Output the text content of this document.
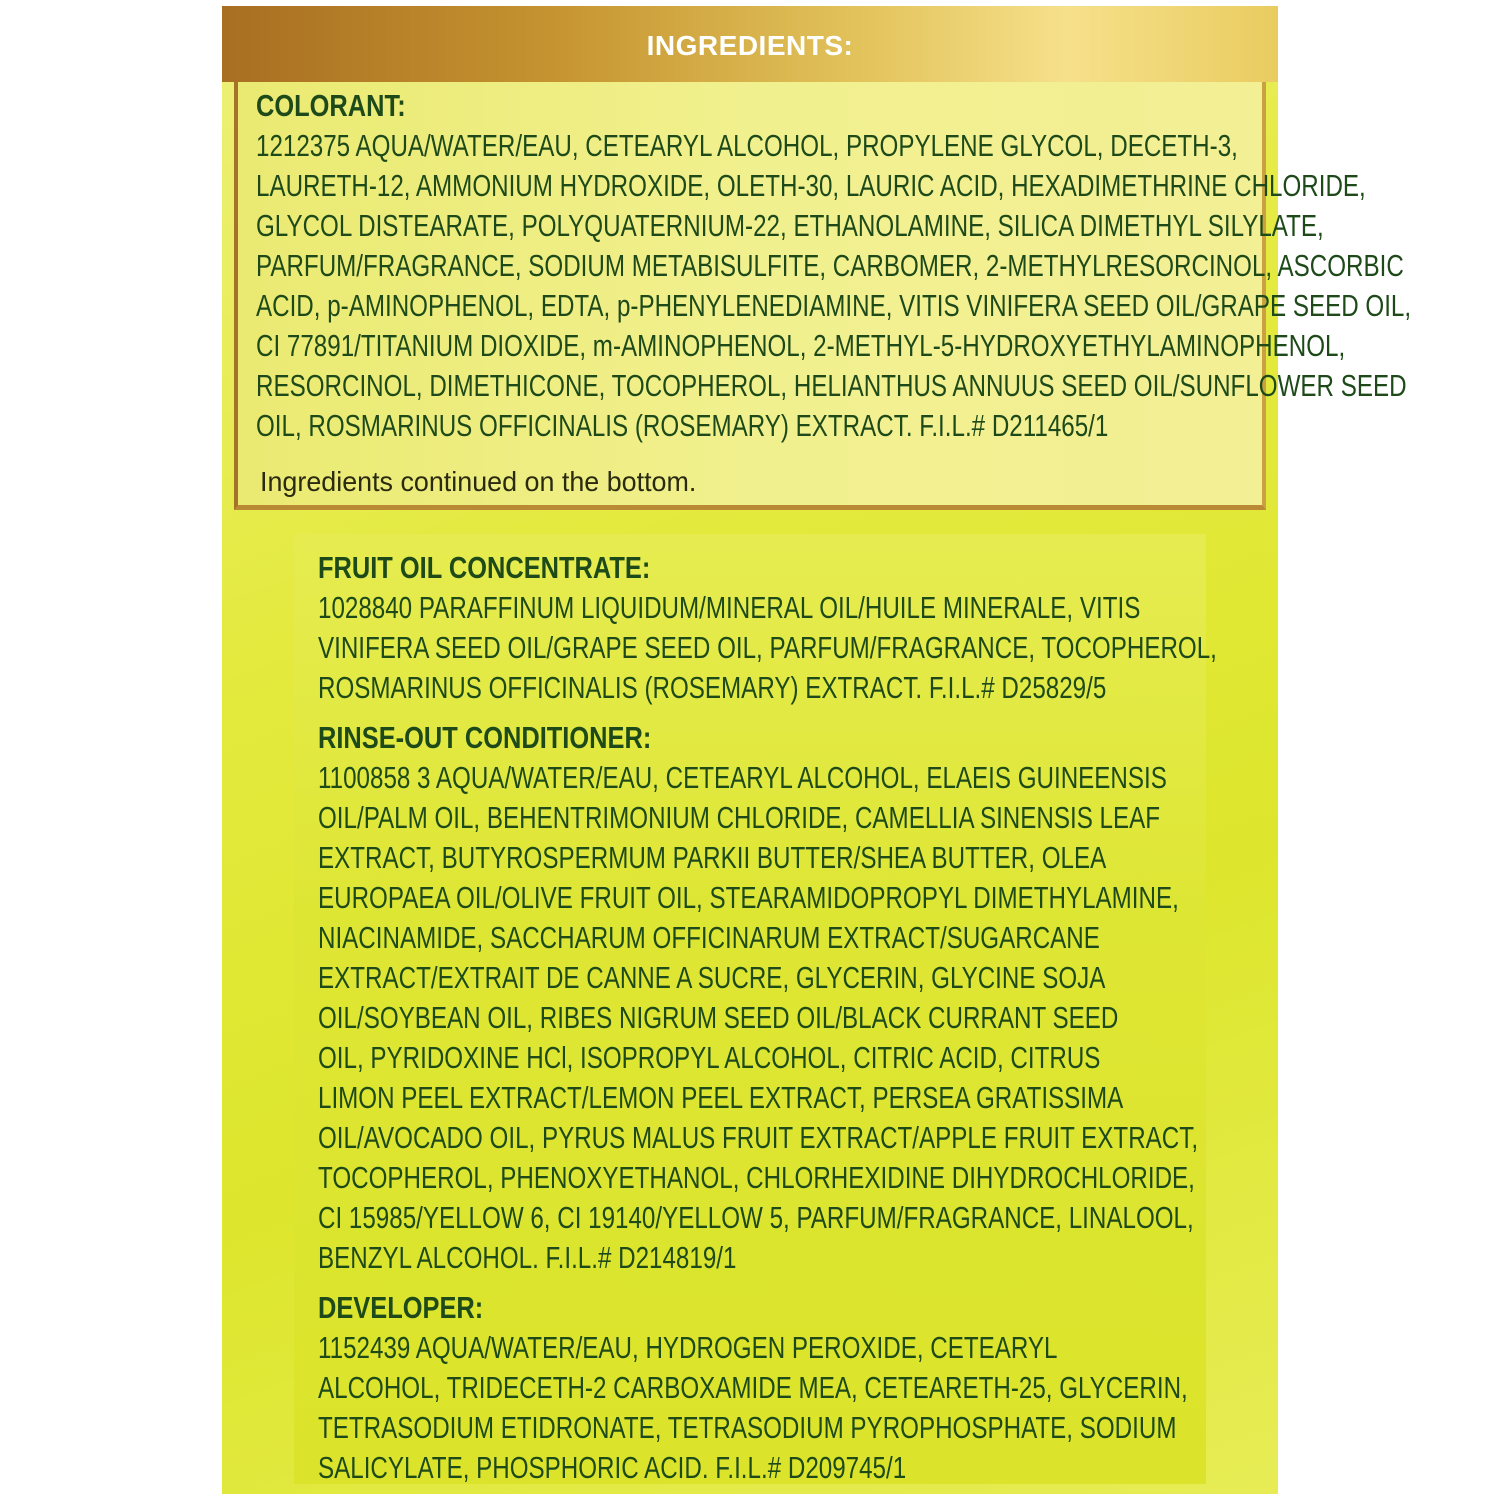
INGREDIENTS:
COLORANT:
1212375 AQUA/WATER/EAU, CETEARYL ALCOHOL, PROPYLENE GLYCOL, DECETH-3,
LAURETH-12, AMMONIUM HYDROXIDE, OLETH-30, LAURIC ACID, HEXADIMETHRINE CHLORIDE,
GLYCOL DISTEARATE, POLYQUATERNIUM-22, ETHANOLAMINE, SILICA DIMETHYL SILYLATE,
PARFUM/FRAGRANCE, SODIUM METABISULFITE, CARBOMER, 2-METHYLRESORCINOL, ASCORBIC
ACID, p-AMINOPHENOL, EDTA, p-PHENYLENEDIAMINE, VITIS VINIFERA SEED OIL/GRAPE SEED OIL,
CI 77891/TITANIUM DIOXIDE, m-AMINOPHENOL, 2-METHYL-5-HYDROXYETHYLAMINOPHENOL,
RESORCINOL, DIMETHICONE, TOCOPHEROL, HELIANTHUS ANNUUS SEED OIL/SUNFLOWER SEED
OIL, ROSMARINUS OFFICINALIS (ROSEMARY) EXTRACT. F.I.L.# D211465/1
Ingredients continued on the bottom.
FRUIT OIL CONCENTRATE:
1028840 PARAFFINUM LIQUIDUM/MINERAL OIL/HUILE MINERALE, VITIS
VINIFERA SEED OIL/GRAPE SEED OIL, PARFUM/FRAGRANCE, TOCOPHEROL,
ROSMARINUS OFFICINALIS (ROSEMARY) EXTRACT. F.I.L.# D25829/5
RINSE-OUT CONDITIONER:
1100858 3 AQUA/WATER/EAU, CETEARYL ALCOHOL, ELAEIS GUINEENSIS
OIL/PALM OIL, BEHENTRIMONIUM CHLORIDE, CAMELLIA SINENSIS LEAF
EXTRACT, BUTYROSPERMUM PARKII BUTTER/SHEA BUTTER, OLEA
EUROPAEA OIL/OLIVE FRUIT OIL, STEARAMIDOPROPYL DIMETHYLAMINE,
NIACINAMIDE, SACCHARUM OFFICINARUM EXTRACT/SUGARCANE
EXTRACT/EXTRAIT DE CANNE A SUCRE, GLYCERIN, GLYCINE SOJA
OIL/SOYBEAN OIL, RIBES NIGRUM SEED OIL/BLACK CURRANT SEED
OIL, PYRIDOXINE HCl, ISOPROPYL ALCOHOL, CITRIC ACID, CITRUS
LIMON PEEL EXTRACT/LEMON PEEL EXTRACT, PERSEA GRATISSIMA
OIL/AVOCADO OIL, PYRUS MALUS FRUIT EXTRACT/APPLE FRUIT EXTRACT,
TOCOPHEROL, PHENOXYETHANOL, CHLORHEXIDINE DIHYDROCHLORIDE,
CI 15985/YELLOW 6, CI 19140/YELLOW 5, PARFUM/FRAGRANCE, LINALOOL,
BENZYL ALCOHOL. F.I.L.# D214819/1
DEVELOPER:
1152439 AQUA/WATER/EAU, HYDROGEN PEROXIDE, CETEARYL
ALCOHOL, TRIDECETH-2 CARBOXAMIDE MEA, CETEARETH-25, GLYCERIN,
TETRASODIUM ETIDRONATE, TETRASODIUM PYROPHOSPHATE, SODIUM
SALICYLATE, PHOSPHORIC ACID. F.I.L.# D209745/1
